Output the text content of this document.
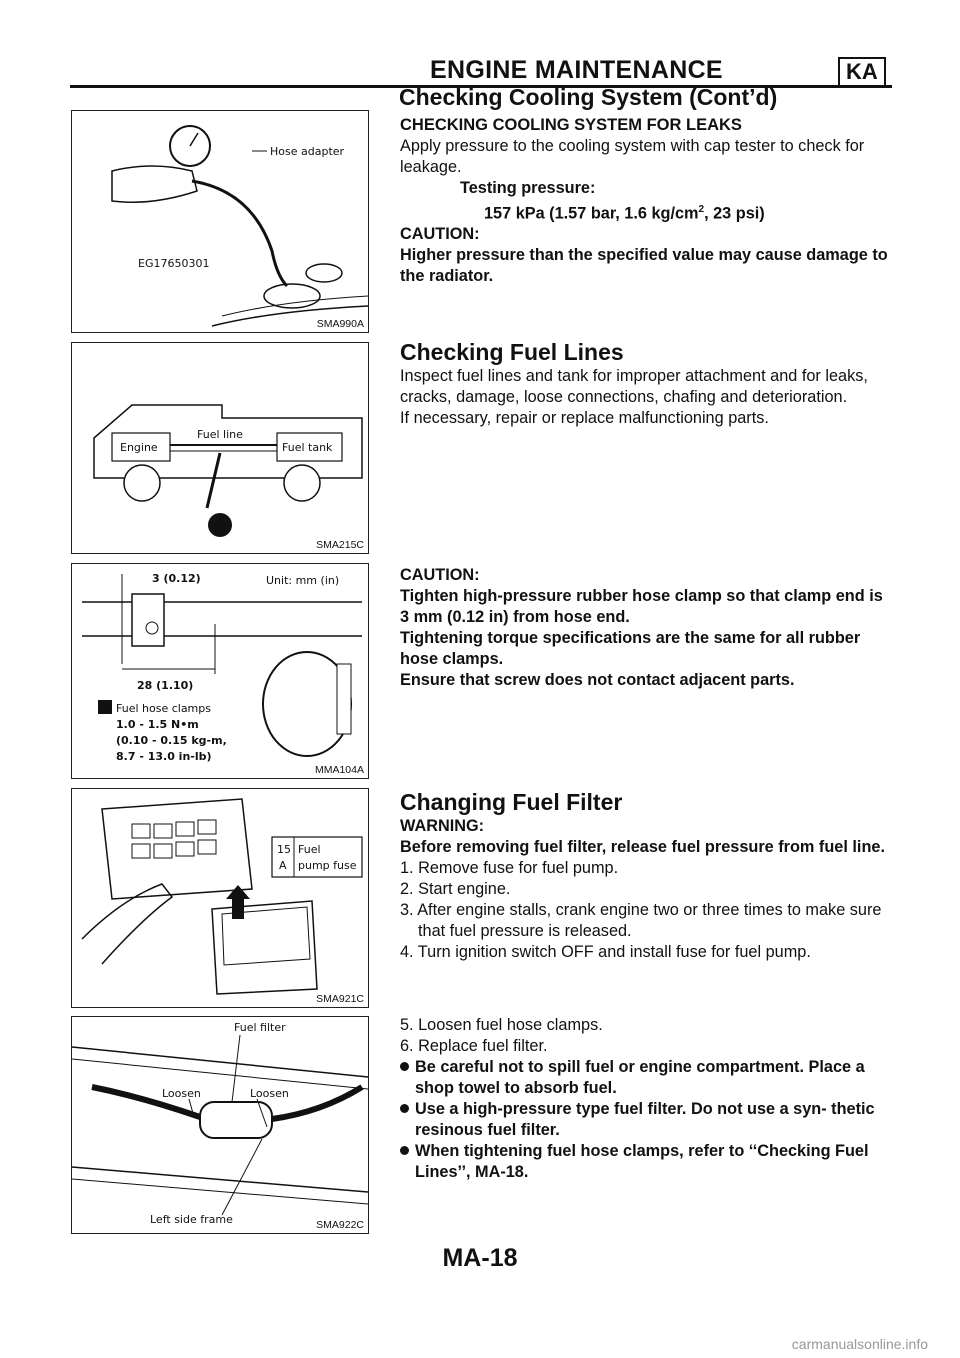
ENGINE MAINTENANCE	KA
Checking Cooling System (Cont’d)
Hose adapter
EG17650301
SMA990A
Engine
Fuel line
Fuel tank
SMA215C
3 (0.12)	Unit: mm (in)
28 (1.10)
Fuel hose clamps
1.0 - 1.5 N•m
(0.10 - 0.15 kg-m,
8.7 - 13.0 in-lb)
MMA104A
15
A
Fuel
pump fuse
SMA921C
Fuel filter
Loosen	Loosen
Left side frame	SMA922C

CHECKING COOLING SYSTEM FOR LEAKS

Apply pressure to the cooling system with cap tester to check for leakage.

Testing pressure:

157 kPa (1.57 bar, 1.6 $kg/cm^2$, 23 psi)

CAUTION:

Higher pressure than the specified value may cause damage to the radiator.

Checking Fuel Lines

Inspect fuel lines and tank for improper attachment and for leaks, cracks, damage, loose connections, chafing and deterioration.

If necessary, repair or replace malfunctioning parts.

CAUTION:

Tighten high-pressure rubber hose clamp so that clamp end is 3 mm (0.12 in) from hose end.

Tightening torque specifications are the same for all rubber hose clamps.

Ensure that screw does not contact adjacent parts.

Changing Fuel Filter

WARNING:

Before removing fuel filter, release fuel pressure from fuel line.

1. Remove fuse for fuel pump.

2. Start engine.

3. After engine stalls, crank engine two or three times to make sure that fuel pressure is released.

4. Turn ignition switch OFF and install fuse for fuel pump.

5. Loosen fuel hose clamps.

6. Replace fuel filter.

Be careful not to spill fuel or engine compartment. Place a shop towel to absorb fuel.

Use a high-pressure type fuel filter. Do not use a syn- thetic resinous fuel filter.

When tightening fuel hose clamps, refer to ‘‘Checking Fuel Lines’’, MA-18.

MA-18
carmanualsonline.info
